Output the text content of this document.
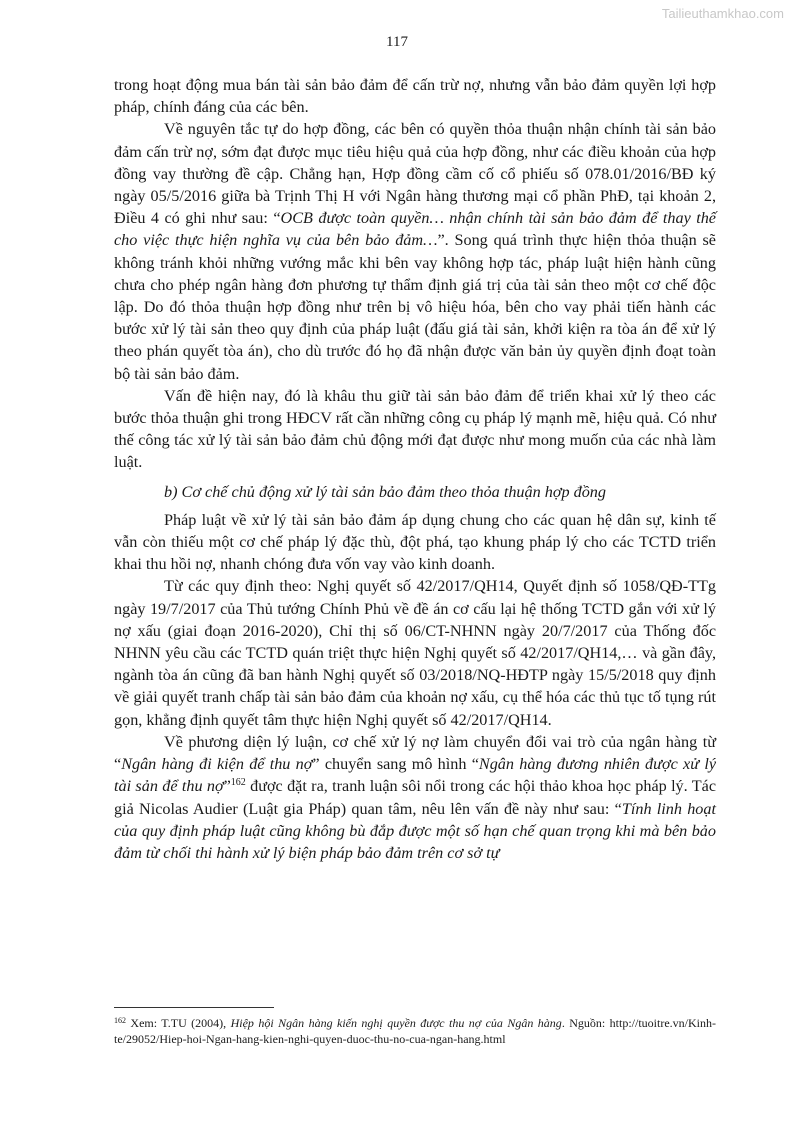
Tailieuthamkhao.com
117

trong hoạt động mua bán tài sản bảo đảm để cấn trừ nợ, nhưng vẫn bảo đảm quyền lợi hợp pháp, chính đáng của các bên.

Về nguyên tắc tự do hợp đồng, các bên có quyền thỏa thuận nhận chính tài sản bảo đảm cấn trừ nợ, sớm đạt được mục tiêu hiệu quả của hợp đồng, như các điều khoản của hợp đồng vay thường đề cập. Chẳng hạn, Hợp đồng cầm cố cổ phiếu số 078.01/2016/BĐ ký ngày 05/5/2016 giữa bà Trịnh Thị H với Ngân hàng thương mại cổ phần PhĐ, tại khoản 2, Điều 4 có ghi như sau: “OCB được toàn quyền… nhận chính tài sản bảo đảm để thay thế cho việc thực hiện nghĩa vụ của bên bảo đảm…”. Song quá trình thực hiện thỏa thuận sẽ không tránh khỏi những vướng mắc khi bên vay không hợp tác, pháp luật hiện hành cũng chưa cho phép ngân hàng đơn phương tự thẩm định giá trị của tài sản theo một cơ chế độc lập. Do đó thỏa thuận hợp đồng như trên bị vô hiệu hóa, bên cho vay phải tiến hành các bước xử lý tài sản theo quy định của pháp luật (đấu giá tài sản, khởi kiện ra tòa án để xử lý theo phán quyết tòa án), cho dù trước đó họ đã nhận được văn bản ủy quyền định đoạt toàn bộ tài sản bảo đảm.

Vấn đề hiện nay, đó là khâu thu giữ tài sản bảo đảm để triển khai xử lý theo các bước thỏa thuận ghi trong HĐCV rất cần những công cụ pháp lý mạnh mẽ, hiệu quả. Có như thế công tác xử lý tài sản bảo đảm chủ động mới đạt được như mong muốn của các nhà làm luật.

b) Cơ chế chủ động xử lý tài sản bảo đảm theo thỏa thuận hợp đồng

Pháp luật về xử lý tài sản bảo đảm áp dụng chung cho các quan hệ dân sự, kinh tế vẫn còn thiếu một cơ chế pháp lý đặc thù, đột phá, tạo khung pháp lý cho các TCTD triển khai thu hồi nợ, nhanh chóng đưa vốn vay vào kinh doanh.

Từ các quy định theo: Nghị quyết số 42/2017/QH14, Quyết định số 1058/QĐ-TTg ngày 19/7/2017 của Thủ tướng Chính Phủ về đề án cơ cấu lại hệ thống TCTD gắn với xử lý nợ xấu (giai đoạn 2016-2020), Chỉ thị số 06/CT-NHNN ngày 20/7/2017 của Thống đốc NHNN yêu cầu các TCTD quán triệt thực hiện Nghị quyết số 42/2017/QH14,… và gần đây, ngành tòa án cũng đã ban hành Nghị quyết số 03/2018/NQ-HĐTP ngày 15/5/2018 quy định về giải quyết tranh chấp tài sản bảo đảm của khoản nợ xấu, cụ thể hóa các thủ tục tố tụng rút gọn, khẳng định quyết tâm thực hiện Nghị quyết số 42/2017/QH14.

Về phương diện lý luận, cơ chế xử lý nợ làm chuyển đổi vai trò của ngân hàng từ “Ngân hàng đi kiện để thu nợ” chuyển sang mô hình “Ngân hàng đương nhiên được xử lý tài sản để thu nợ”$^{162}$ được đặt ra, tranh luận sôi nổi trong các hội thảo khoa học pháp lý. Tác giả Nicolas Audier (Luật gia Pháp) quan tâm, nêu lên vấn đề này như sau: “Tính linh hoạt của quy định pháp luật cũng không bù đắp được một số hạn chế quan trọng khi mà bên bảo đảm từ chối thi hành xử lý biện pháp bảo đảm trên cơ sở tự

$^{162}$ Xem: T.TU (2004), Hiệp hội Ngân hàng kiến nghị quyền được thu nợ của Ngân hàng. Nguồn: http://tuoitre.vn/Kinh-te/29052/Hiep-hoi-Ngan-hang-kien-nghi-quyen-duoc-thu-no-cua-ngan-hang.html
